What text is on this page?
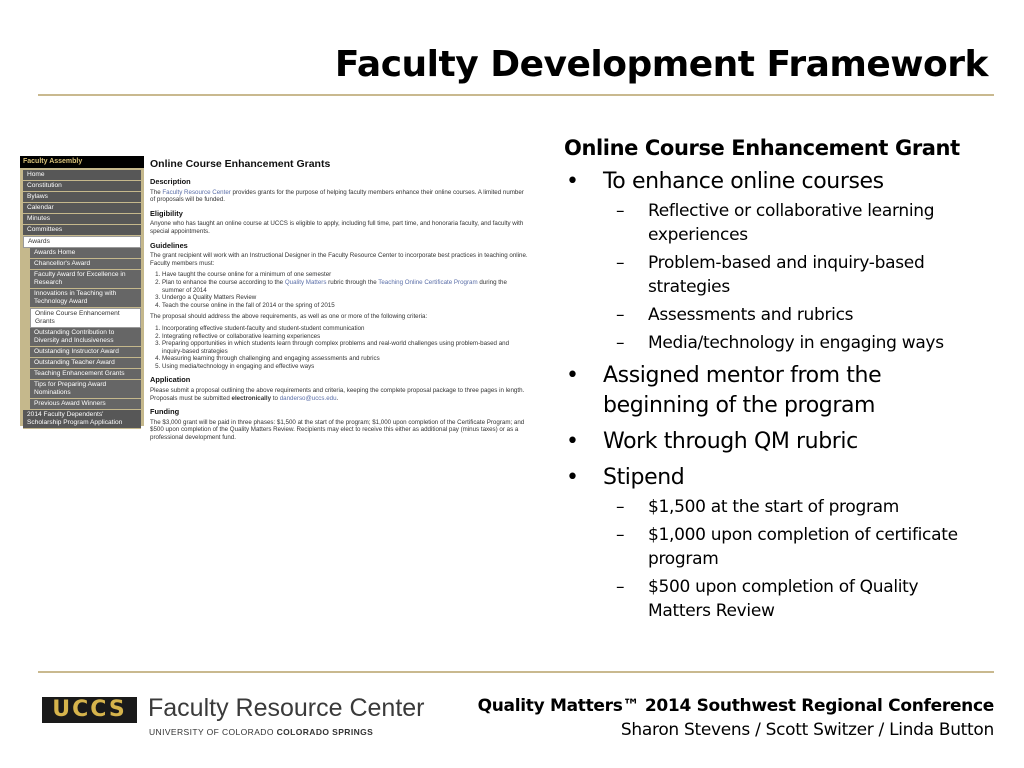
Faculty Development Framework
Faculty Assembly
Home
Constitution
Bylaws
Calendar
Minutes
Committees
Awards
Awards Home
Chancellor's Award
Faculty Award for Excellence in Research
Innovations in Teaching with Technology Award
Online Course Enhancement Grants
Outstanding Contribution to Diversity and Inclusiveness
Outstanding Instructor Award
Outstanding Teacher Award
Teaching Enhancement Grants
Tips for Preparing Award Nominations
Previous Award Winners
2014 Faculty Dependents' Scholarship Program Application
Online Course Enhancement Grants
Description

The Faculty Resource Center provides grants for the purpose of helping faculty members enhance their online courses. A limited number of proposals will be funded.

Eligibility

Anyone who has taught an online course at UCCS is eligible to apply, including full time, part time, and honoraria faculty, and faculty with special appointments.

Guidelines

The grant recipient will work with an Instructional Designer in the Faculty Resource Center to incorporate best practices in teaching online. Faculty members must:

1. Have taught the course online for a minimum of one semester
2. Plan to enhance the course according to the Quality Matters rubric through the Teaching Online Certificate Program during the summer of 2014
3. Undergo a Quality Matters Review
4. Teach the course online in the fall of 2014 or the spring of 2015

The proposal should address the above requirements, as well as one or more of the following criteria:

1. Incorporating effective student-faculty and student-student communication
2. Integrating reflective or collaborative learning experiences
3. Preparing opportunities in which students learn through complex problems and real-world challenges using problem-based and inquiry-based strategies
4. Measuring learning through challenging and engaging assessments and rubrics
5. Using media/technology in engaging and effective ways
Application

Please submit a proposal outlining the above requirements and criteria, keeping the complete proposal package to three pages in length. Proposals must be submitted electronically to danderso@uccs.edu.

Funding

The $3,000 grant will be paid in three phases: $1,500 at the start of the program; $1,000 upon completion of the Certificate Program; and $500 upon completion of the Quality Matters Review. Recipients may elect to receive this either as additional pay (minus taxes) or as a professional development fund.

Online Course Enhancement Grant
• To enhance online courses
– Reflective or collaborative learning experiences
– Problem-based and inquiry-based strategies
– Assessments and rubrics
– Media/technology in engaging ways
• Assigned mentor from the beginning of the program
• Work through QM rubric
• Stipend
– $1,500 at the start of program
– $1,000 upon completion of certificate program
– $500 upon completion of Quality Matters Review
UCCS Faculty Resource Center
UNIVERSITY OF COLORADO COLORADO SPRINGS
Quality Matters™ 2014 Southwest Regional Conference
Sharon Stevens / Scott Switzer / Linda Button
